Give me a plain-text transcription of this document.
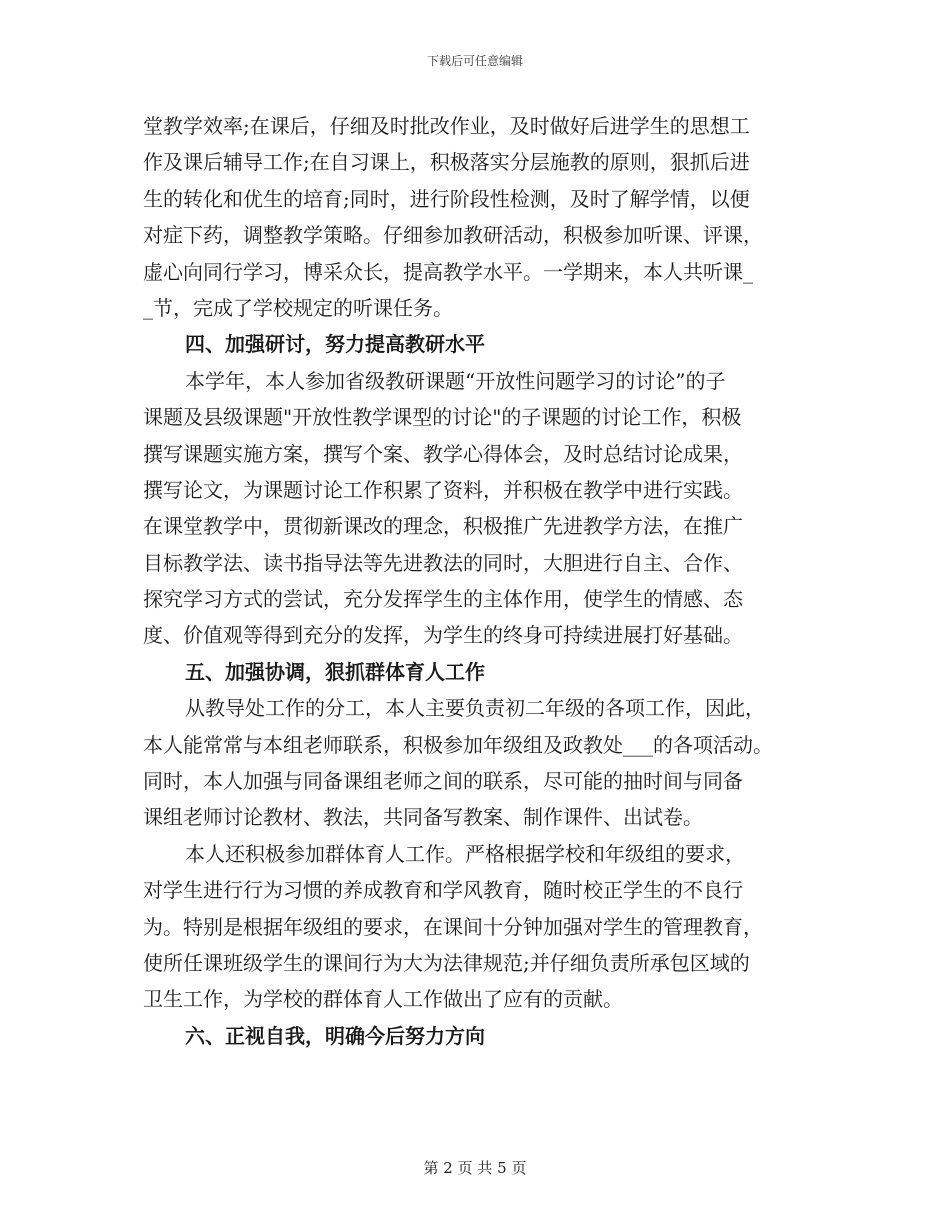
下载后可任意编辑
堂教学效率;在课后，仔细及时批改作业，及时做好后进学生的思想工
作及课后辅导工作;在自习课上，积极落实分层施教的原则，狠抓后进
生的转化和优生的培育;同时，进行阶段性检测，及时了解学情，以便
对症下药，调整教学策略。仔细参加教研活动，积极参加听课、评课，
虚心向同行学习，博采众长，提高教学水平。一学期来，本人共听课_
_节，完成了学校规定的听课任务。
四、加强研讨，努力提高教研水平
本学年，本人参加省级教研课题“开放性问题学习的讨论”的子
课题及县级课题"开放性教学课型的讨论"的子课题的讨论工作，积极
撰写课题实施方案，撰写个案、教学心得体会，及时总结讨论成果，
撰写论文，为课题讨论工作积累了资料，并积极在教学中进行实践。
在课堂教学中，贯彻新课改的理念，积极推广先进教学方法，在推广
目标教学法、读书指导法等先进教法的同时，大胆进行自主、合作、
探究学习方式的尝试，充分发挥学生的主体作用，使学生的情感、态
度、价值观等得到充分的发挥，为学生的终身可持续进展打好基础。
五、加强协调，狠抓群体育人工作
从教导处工作的分工，本人主要负责初二年级的各项工作，因此，
本人能常常与本组老师联系，积极参加年级组及政教处___的各项活动。
同时，本人加强与同备课组老师之间的联系，尽可能的抽时间与同备
课组老师讨论教材、教法，共同备写教案、制作课件、出试卷。
本人还积极参加群体育人工作。严格根据学校和年级组的要求，
对学生进行行为习惯的养成教育和学风教育，随时校正学生的不良行
为。特别是根据年级组的要求，在课间十分钟加强对学生的管理教育，
使所任课班级学生的课间行为大为法律规范;并仔细负责所承包区域的
卫生工作，为学校的群体育人工作做出了应有的贡献。
六、正视自我，明确今后努力方向
第 2 页 共 5 页
